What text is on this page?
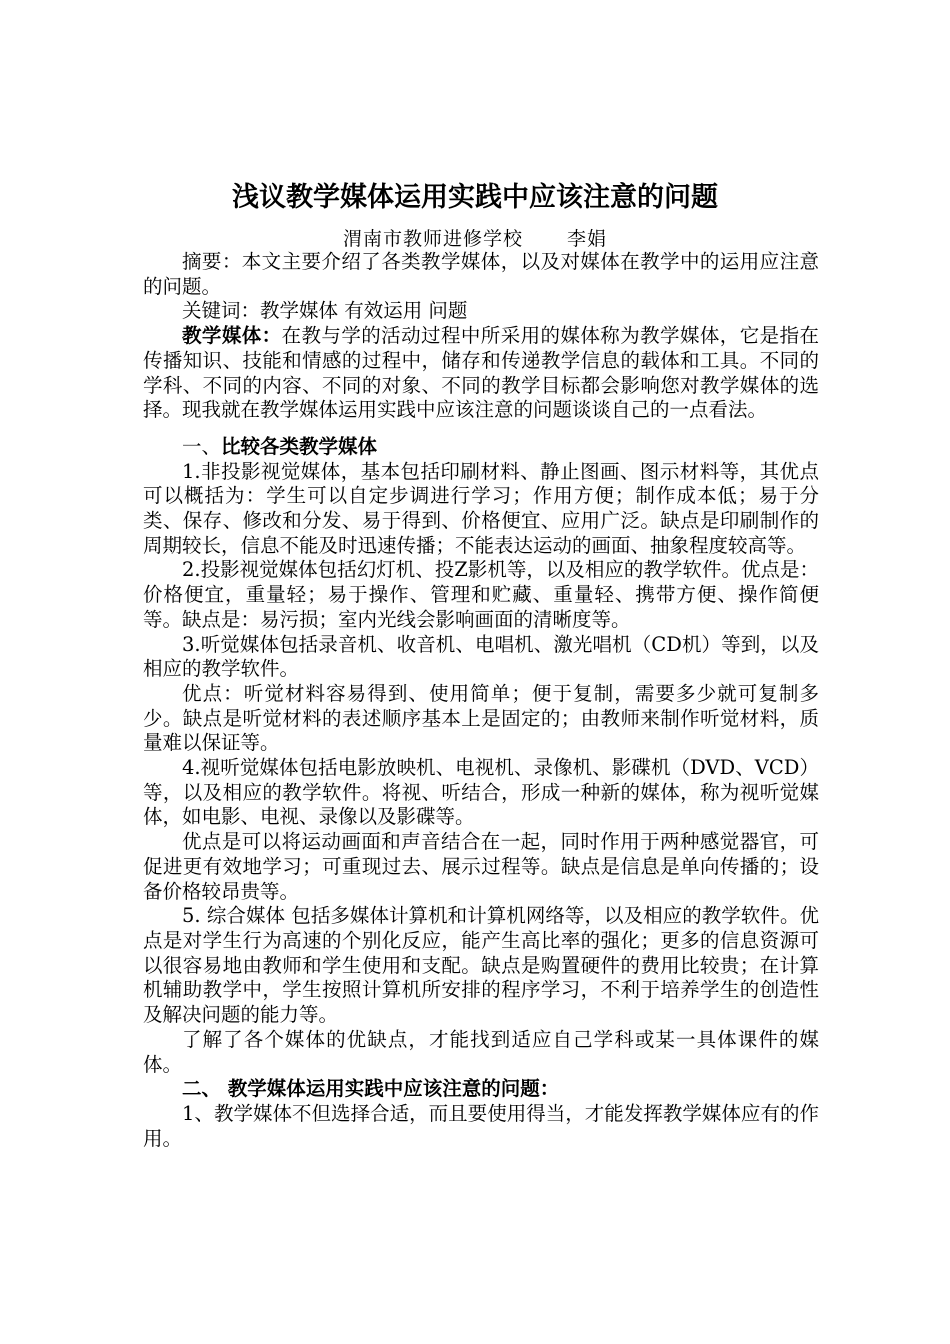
浅议教学媒体运用实践中应该注意的问题
渭南市教师进修学校 李娟

摘要：本文主要介绍了各类教学媒体，以及对媒体在教学中的运用应注意的问题。

关键词：教学媒体 有效运用 问题

教学媒体：在教与学的活动过程中所采用的媒体称为教学媒体，它是指在传播知识、技能和情感的过程中，储存和传递教学信息的载体和工具。不同的学科、不同的内容、不同的对象、不同的教学目标都会影响您对教学媒体的选择。现我就在教学媒体运用实践中应该注意的问题谈谈自己的一点看法。

一、比较各类教学媒体

1.非投影视觉媒体，基本包括印刷材料、静止图画、图示材料等，其优点可以概括为：学生可以自定步调进行学习；作用方便；制作成本低；易于分类、保存、修改和分发、易于得到、价格便宜、应用广泛。缺点是印刷制作的周期较长，信息不能及时迅速传播；不能表达运动的画面、抽象程度较高等。

2.投影视觉媒体包括幻灯机、投Z影机等，以及相应的教学软件。优点是：价格便宜，重量轻；易于操作、管理和贮藏、重量轻、携带方便、操作简便等。缺点是：易污损；室内光线会影响画面的清晰度等。

3.听觉媒体包括录音机、收音机、电唱机、激光唱机（CD机）等到，以及相应的教学软件。

优点：听觉材料容易得到、使用简单；便于复制，需要多少就可复制多少。缺点是听觉材料的表述顺序基本上是固定的；由教师来制作听觉材料，质量难以保证等。

4.视听觉媒体包括电影放映机、电视机、录像机、影碟机（DVD、VCD）等，以及相应的教学软件。将视、听结合，形成一种新的媒体，称为视听觉媒体，如电影、电视、录像以及影碟等。

优点是可以将运动画面和声音结合在一起，同时作用于两种感觉器官，可促进更有效地学习；可重现过去、展示过程等。缺点是信息是单向传播的；设备价格较昂贵等。

5. 综合媒体 包括多媒体计算机和计算机网络等，以及相应的教学软件。优点是对学生行为高速的个别化反应，能产生高比率的强化；更多的信息资源可以很容易地由教师和学生使用和支配。缺点是购置硬件的费用比较贵；在计算机辅助教学中，学生按照计算机所安排的程序学习，不利于培养学生的创造性及解决问题的能力等。

了解了各个媒体的优缺点，才能找到适应自己学科或某一具体课件的媒体。

二、 教学媒体运用实践中应该注意的问题：

1、教学媒体不但选择合适，而且要使用得当，才能发挥教学媒体应有的作用。
